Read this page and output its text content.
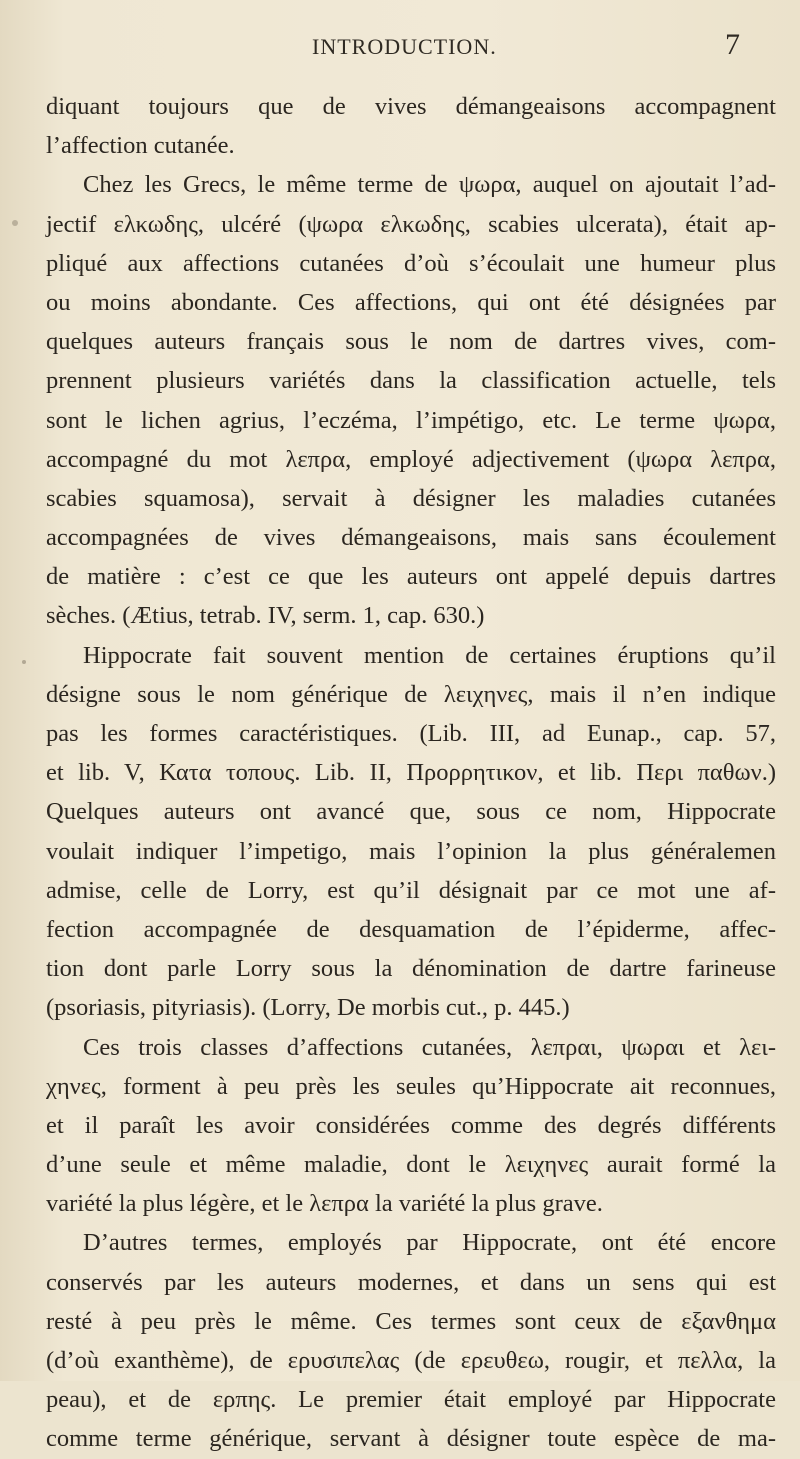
INTRODUCTION.	7
diquant toujours que de vives démangeaisons accompagnent
l’affection cutanée.
Chez les Grecs, le même terme de ψωρα, auquel on ajoutait l’ad-
jectif ελκωδης, ulcéré (ψωρα ελκωδης, scabies ulcerata), était ap-
pliqué aux affections cutanées d’où s’écoulait une humeur plus
ou moins abondante. Ces affections, qui ont été désignées par
quelques auteurs français sous le nom de dartres vives, com-
prennent plusieurs variétés dans la classification actuelle, tels
sont le lichen agrius, l’eczéma, l’impétigo, etc. Le terme ψωρα,
accompagné du mot λεπρα, employé adjectivement (ψωρα λεπρα,
scabies squamosa), servait à désigner les maladies cutanées
accompagnées de vives démangeaisons, mais sans écoulement
de matière : c’est ce que les auteurs ont appelé depuis dartres
sèches. (Ætius, tetrab. IV, serm. 1, cap. 630.)
Hippocrate fait souvent mention de certaines éruptions qu’il
désigne sous le nom générique de λειχηνες, mais il n’en indique
pas les formes caractéristiques. (Lib. III, ad Eunap., cap. 57,
et lib. V, Κατα τοπους. Lib. II, Προρρητικον, et lib. Περι παθων.)
Quelques auteurs ont avancé que, sous ce nom, Hippocrate
voulait indiquer l’impetigo, mais l’opinion la plus généralemen
admise, celle de Lorry, est qu’il désignait par ce mot une af-
fection accompagnée de desquamation de l’épiderme, affec-
tion dont parle Lorry sous la dénomination de dartre farineuse
(psoriasis, pityriasis). (Lorry, De morbis cut., p. 445.)
Ces trois classes d’affections cutanées, λεπραι, ψωραι et λει-
χηνες, forment à peu près les seules qu’Hippocrate ait reconnues,
et il paraît les avoir considérées comme des degrés différents
d’une seule et même maladie, dont le λειχηνες aurait formé la
variété la plus légère, et le λεπρα la variété la plus grave.
D’autres termes, employés par Hippocrate, ont été encore
conservés par les auteurs modernes, et dans un sens qui est
resté à peu près le même. Ces termes sont ceux de εξανθημα
(d’où exanthème), de ερυσιπελας (de ερευθεω, rougir, et πελλα, la
peau), et de ερπης. Le premier était employé par Hippocrate
comme terme générique, servant à désigner toute espèce de ma-
